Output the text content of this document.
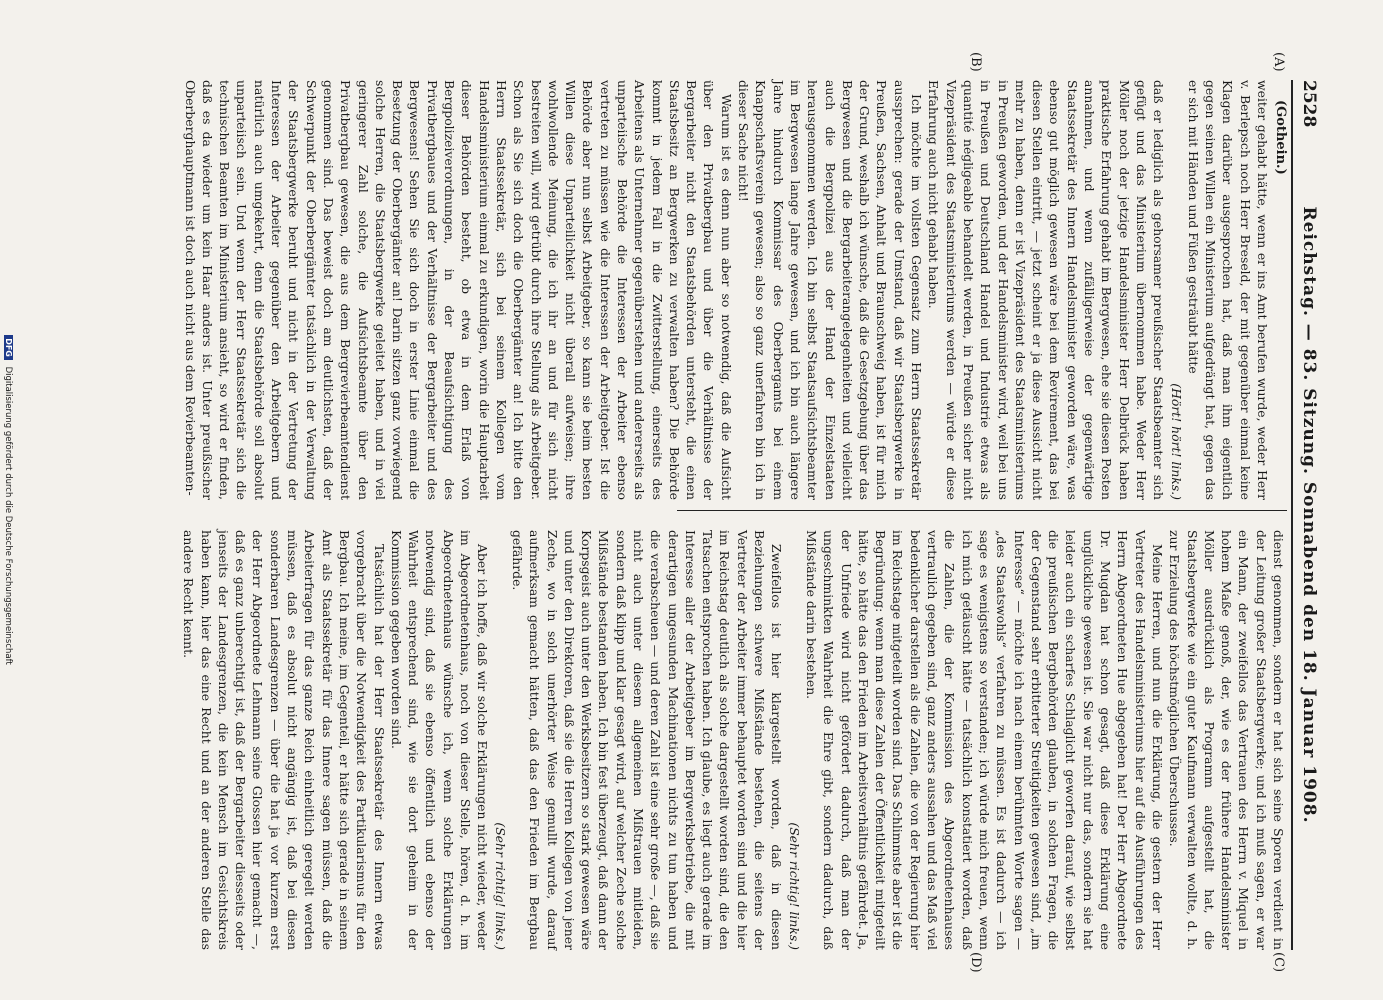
2528
Reichstag. — 83. Sitzung. Sonnabend den 18. Januar 1908.
(Gothein.)
(A)
(B)
(C)
(D)

weiter gehabt hätte, wenn er ins Amt berufen wurde, weder Herr v. Berlepsch noch Herr Breseld, der mit gegenüber einmal keine Klagen darüber ausgesprochen hat, daß man ihm eigentlich gegen seinen Willen ein Ministerium aufgedrängt hat, gegen das er sich mit Händen und Füßen gesträubt hätte

(Hört! hört! links.)

daß er lediglich als gehorsamer preußischer Staatsbeamter sich gefügt und das Ministerium übernommen habe. Weder Herr Möller noch der jetzige Handelsminister Herr Delbrück haben praktische Erfahrung gehabt im Bergwesen, ehe sie diesen Posten annahmen, und wenn zufälligerweise der gegenwärtige Staatssekretär des Innern Handelsminister geworden wäre, was ebenso gut möglich gewesen wäre bei dem Revirement, das bei diesen Stellen eintritt, — jetzt scheint er ja diese Aussicht nicht mehr zu haben, denn er ist Vizepräsident des Staatsministeriums in Preußen geworden, und der Handelsminister wird, weil bei uns in Preußen und Deutschland Handel und Industrie etwas als quantité négligeable behandelt werden, in Preußen sicher nicht Vizepräsident des Staatsministeriums werden — würde er diese Erfahrung auch nicht gehabt haben.

Ich möchte im vollsten Gegensatz zum Herrn Staatssekretär aussprechen: gerade der Umstand, daß wir Staatsbergwerke in Preußen, Sachsen, Anhalt und Braunschweig haben, ist für mich der Grund, weshalb ich wünsche, daß die Gesetzgebung über das Bergwesen und die Bergarbeiterangelegenheiten und vielleicht auch die Bergpolizei aus der Hand der Einzelstaaten herausgenommen werden. Ich bin selbst Staatsaufsichtsbeamter im Bergwesen lange Jahre gewesen, und ich bin auch längere Jahre hindurch Kommissar des Oberbergamts bei einem Knappschaftsverein gewesen; also so ganz unerfahren bin ich in dieser Sache nicht!

Warum ist es denn nun aber so notwendig, daß die Aufsicht über den Privatbergbau und über die Verhältnisse der Bergarbeiter nicht den Staatsbehörden untersteht, die einen Staatsbesitz an Bergwerken zu verwalten haben? Die Behörde kommt in jedem Fall in die Zwitterstellung, einerseits des Arbeitens als Unternehmer gegenüberstehen und andererseits als unparteiische Behörde die Interessen der Arbeiter ebenso vertreten zu müssen wie die Interessen der Arbeitgeber. Ist die Behörde aber nun selbst Arbeitgeber, so kann sie beim besten Willen diese Unparteilichkeit nicht überall aufweisen; ihre wohlwollende Meinung, die ich ihr an und für sich nicht bestreiten will, wird getrübt durch ihre Stellung als Arbeitgeber. Schon als Sie sich doch die Oberbergämter an! Ich bitte den Herrn Staatssekretär, sich bei seinem Kollegen vom Handelsministerium einmal zu erkundigen, worin die Hauptarbeit dieser Behörden besteht, ob etwa in dem Erlaß von Bergpolizeiverordnungen, in der Beaufsichtigung des Privatbergbaues und der Verhältnisse der Bergarbeiter und des Bergwesens! Sehen Sie sich doch in erster Linie einmal die Besetzung der Oberbergämter an! Darin sitzen ganz vorwiegend solche Herren, die Staatsbergwerke geleitet haben, und in viel geringerer Zahl solche, die Aufsichtsbeamte über den Privatbergbau gewesen, die aus dem Bergrevierbeamtendienst genommen sind. Das beweist doch am deutlichsten, daß der Schwerpunkt der Oberbergämter tatsächlich in der Verwaltung der Staatsbergwerke beruht und nicht in der Vertretung der Interessen der Arbeiter gegenüber den Arbeitgebern und natürlich auch umgekehrt, denn die Staatsbehörde soll absolut unparteiisch sein. Und wenn der Herr Staatssekretär sich die technischen Beamten im Ministerium ansieht, so wird er finden, daß es da wieder um kein Haar anders ist. Unter preußischer Oberberghauptmann ist doch auch nicht aus dem Revierbeamten-

dienst genommen, sondern er hat sich seine Sporen verdient in der Leitung großer Staatsbergwerke; und ich muß sagen, er war ein Mann, der zweifellos das Vertrauen des Herrn v. Miquel in hohem Maße genoß, der, wie es der frühere Handelsminister Möller ausdrücklich als Programm aufgestellt hat, die Staatsbergwerke wie ein guter Kaufmann verwalten wollte, d. h. zur Erzielung des höchstmöglichen Überschusses.

Meine Herren, und nun die Erklärung, die gestern der Herr Vertreter des Handelsministeriums hier auf die Ausführungen des Herrn Abgeordneten Hue abgegeben hat! Der Herr Abgeordnete Dr. Mugdan hat schon gesagt, daß diese Erklärung eine unglückliche gewesen ist. Sie war nicht nur das, sondern sie hat leider auch ein scharfes Schlaglicht geworfen darauf, wie selbst die preußischen Bergbehörden glauben, in solchen Fragen, die der Gegenstand sehr erbitterter Streitigkeiten gewesen sind, „im Interesse“ — möchte ich nach einem berühmten Worte sagen — „des Staatswohls“ verfahren zu müssen. Es ist dadurch — ich sage es wenigstens so verstanden; ich würde mich freuen, wenn ich mich getäuscht hätte — tatsächlich konstatiert worden, daß die Zahlen, die der Kommission des Abgeordnetenhauses vertraulich gegeben sind, ganz anders aussahen und das Maß viel bedenklicher darstellen als die Zahlen, die von der Regierung hier im Reichstage mitgeteilt worden sind. Das Schlimmste aber ist die Begründung: wenn man diese Zahlen der Öffentlichkeit mitgeteilt hätte, so hätte das den Frieden im Arbeitsverhältnis gefährdet. Ja, der Unfriede wird nicht gefördert dadurch, daß man der ungeschminkten Wahrheit die Ehre gibt, sondern dadurch, daß Mißstände darin bestehen.

(Sehr richtig! links.)

Zweifellos ist hier klargestellt worden, daß in diesen Beziehungen schwere Mißstände bestehen, die seitens der Vertreter der Arbeiter immer behauptet worden sind und die hier im Reichstag deutlich als solche dargestellt worden sind, die den Tatsachen entsprochen haben. Ich glaube, es liegt auch gerade im Interesse aller der Arbeitgeber im Bergwerksbetriebe, die mit derartigen ungesunden Machinationen nichts zu tun haben und die verabscheuen — und deren Zahl ist eine sehr große —, daß sie nicht auch unter diesem allgemeinen Mißtrauen mitleiden, sondern daß klipp und klar gesagt wird, auf welcher Zeche solche Mißstände bestanden haben. Ich bin fest überzeugt, daß dann der Korpsgeist auch unter den Werksbesitzern so stark gewesen wäre und unter den Direktoren, daß sie die Herren Kollegen von jener Zeche, wo in solch unerhörter Weise gemullt wurde, darauf aufmerksam gemacht hätten, daß das den Frieden im Bergbau gefährde.

(Sehr richtig! links.)

Aber ich hoffe, daß wir solche Erklärungen nicht wieder, weder im Abgeordnetenhaus, noch von dieser Stelle, hören, d. h. im Abgeordnetenhaus wünsche ich, wenn solche Erklärungen notwendig sind, daß sie ebenso öffentlich und ebenso der Wahrheit entsprechend sind, wie sie dort geheim in der Kommission gegeben worden sind.

Tatsächlich hat der Herr Staatssekretär des Innern etwas vorgebracht über die Notwendigkeit des Partikularismus für den Bergbau. Ich meine, im Gegenteil, er hätte sich gerade in seinem Amt als Staatssekretär für das Innere sagen müssen, daß die Arbeiterfragen für das ganze Reich einheitlich geregelt werden müssen, daß es absolut nicht angängig ist, daß bei diesen sonderbaren Landesgrenzen — über die hat ja vor kurzem erst der Herr Abgeordnete Lehmann seine Glossen hier gemacht —, daß es ganz unberechtigt ist, daß der Bergarbeiter diesseits oder jenseits der Landesgrenzen, die kein Mensch im Gesichtskreis haben kann, hier das eine Recht und an der anderen Stelle das andere Recht kennt.

DFG Digitalisierung gefördert durch die Deutsche Forschungsgemeinschaft
